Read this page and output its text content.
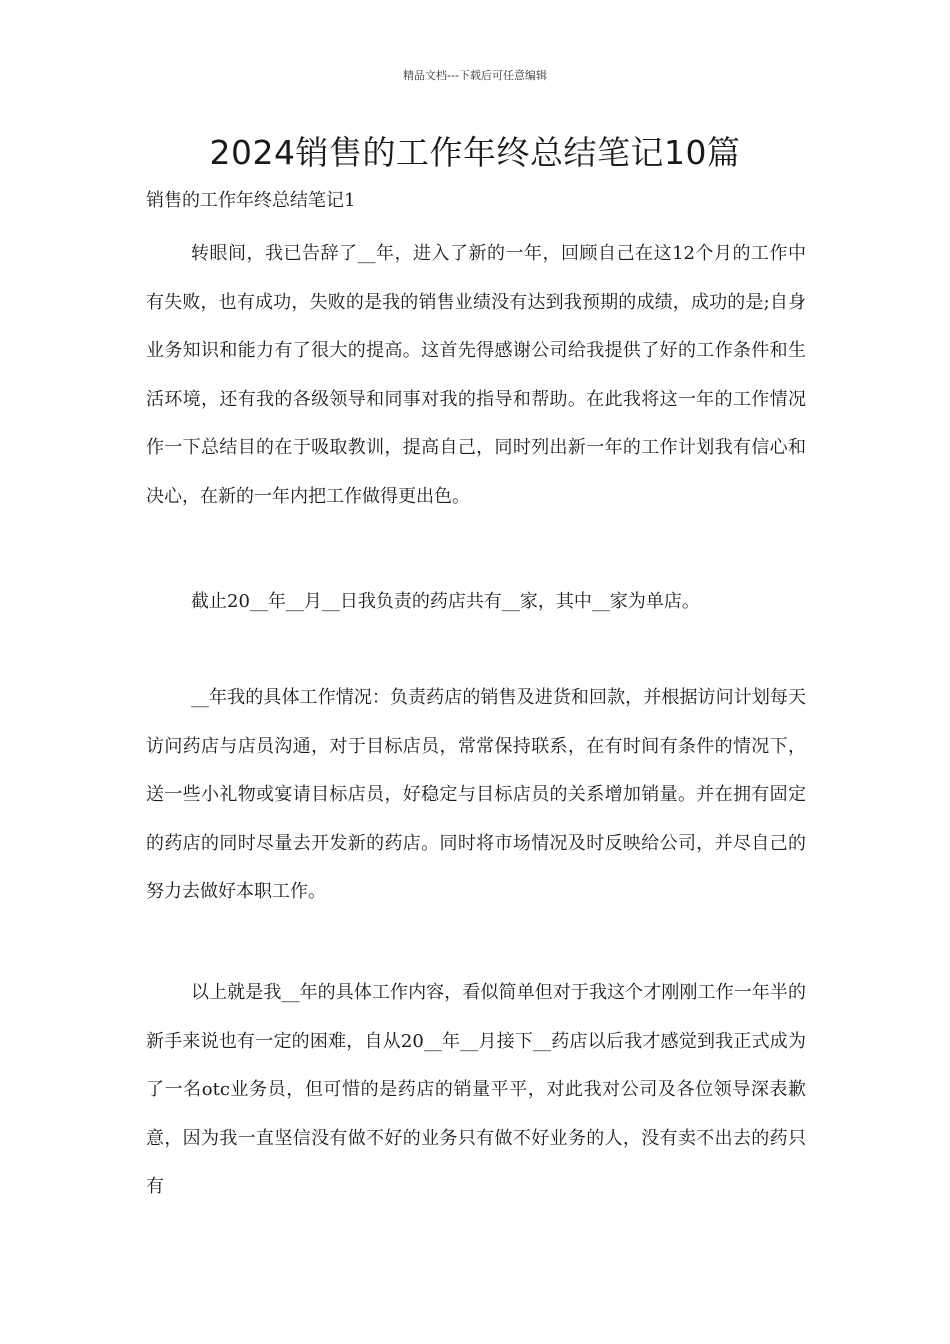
精品文档---下载后可任意编辑
2024销售的工作年终总结笔记10篇
销售的工作年终总结笔记1

转眼间，我已告辞了__年，进入了新的一年，回顾自己在这12个月的工作中有失败，也有成功，失败的是我的销售业绩没有达到我预期的成绩，成功的是;自身业务知识和能力有了很大的提高。这首先得感谢公司给我提供了好的工作条件和生活环境，还有我的各级领导和同事对我的指导和帮助。在此我将这一年的工作情况作一下总结目的在于吸取教训，提高自己，同时列出新一年的工作计划我有信心和决心，在新的一年内把工作做得更出色。

截止20__年__月__日我负责的药店共有__家，其中__家为单店。

__年我的具体工作情况：负责药店的销售及进货和回款，并根据访问计划每天访问药店与店员沟通，对于目标店员，常常保持联系，在有时间有条件的情况下，送一些小礼物或宴请目标店员，好稳定与目标店员的关系增加销量。并在拥有固定的药店的同时尽量去开发新的药店。同时将市场情况及时反映给公司，并尽自己的努力去做好本职工作。

以上就是我__年的具体工作内容，看似简单但对于我这个才刚刚工作一年半的新手来说也有一定的困难，自从20__年__月接下__药店以后我才感觉到我正式成为了一名otc业务员，但可惜的是药店的销量平平，对此我对公司及各位领导深表歉意，因为我一直坚信没有做不好的业务只有做不好业务的人，没有卖不出去的药只有
